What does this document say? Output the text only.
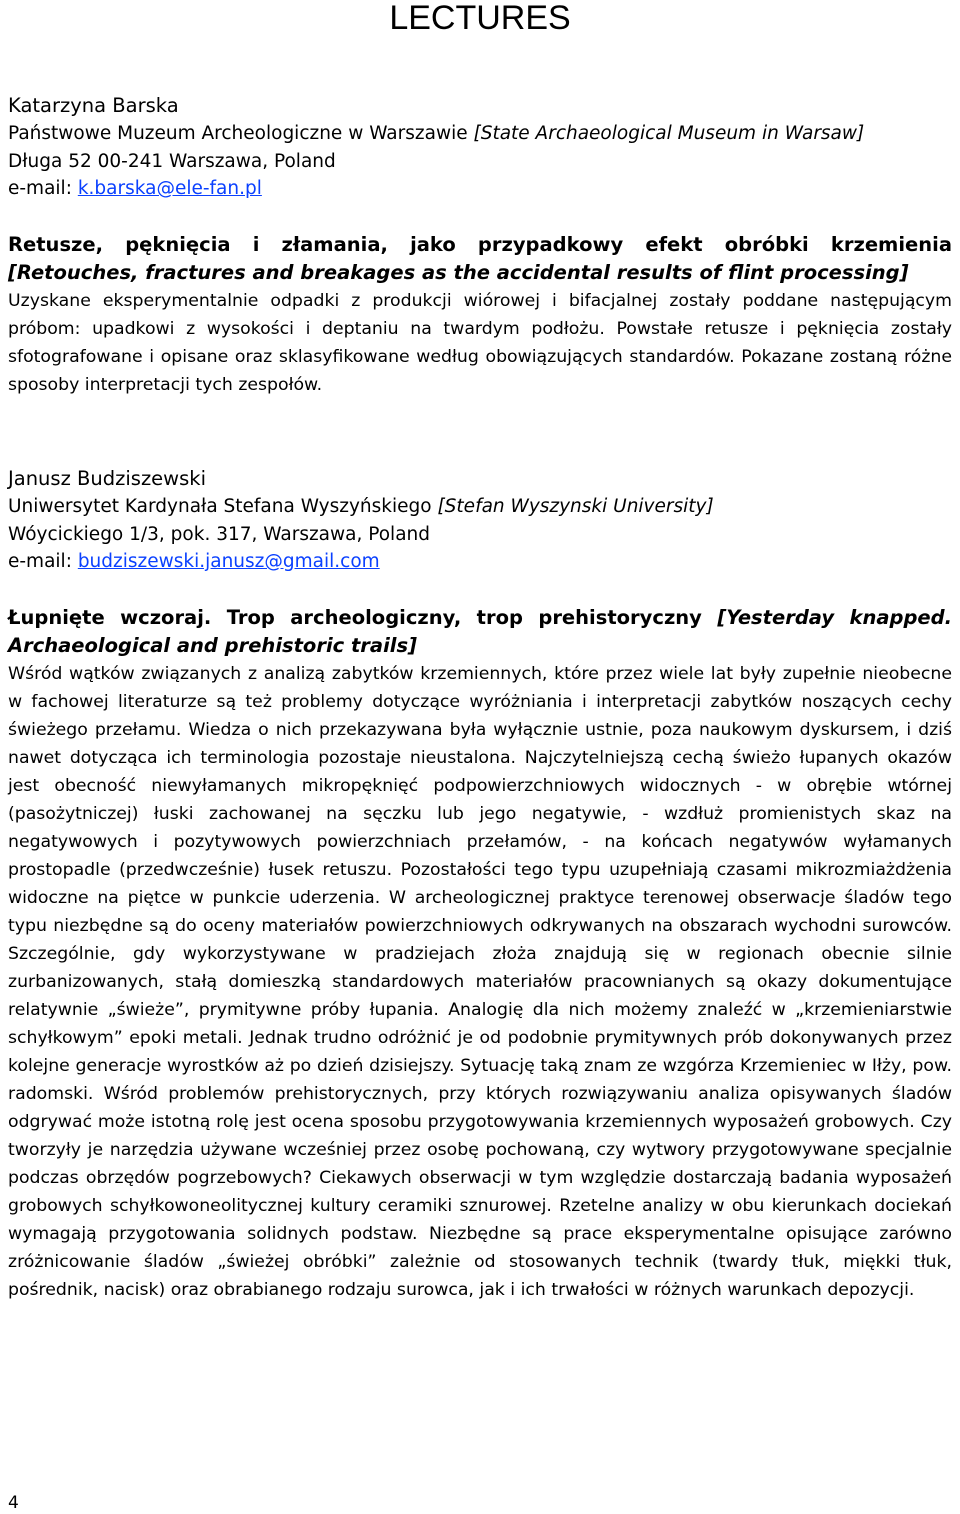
LECTURES

Katarzyna Barska

Państwowe Muzeum Archeologiczne w Warszawie [State Archaeological Museum in Warsaw]

Długa 52 00-241 Warszawa, Poland

e-mail: k.barska@ele-fan.pl

Retusze, pęknięcia i złamania, jako przypadkowy efekt obróbki krzemienia [Retouches, fractures and breakages as the accidental results of flint processing]

Uzyskane eksperymentalnie odpadki z produkcji wiórowej i bifacjalnej zostały poddane następującym próbom: upadkowi z wysokości i deptaniu na twardym podłożu. Powstałe retusze i pęknięcia zostały sfotografowane i opisane oraz sklasyfikowane według obowiązujących standardów. Pokazane zostaną różne sposoby interpretacji tych zespołów.

Janusz Budziszewski

Uniwersytet Kardynała Stefana Wyszyńskiego [Stefan Wyszynski University]

Wóycickiego 1/3, pok. 317, Warszawa, Poland

e-mail: budziszewski.janusz@gmail.com

Łupnięte wczoraj. Trop archeologiczny, trop prehistoryczny [Yesterday knapped. Archaeological and prehistoric trails]

Wśród wątków związanych z analizą zabytków krzemiennych, które przez wiele lat były zupełnie nieobecne w fachowej literaturze są też problemy dotyczące wyróżniania i interpretacji zabytków noszących cechy świeżego przełamu. Wiedza o nich przekazywana była wyłącznie ustnie, poza naukowym dyskursem, i dziś nawet dotycząca ich terminologia pozostaje nieustalona. Najczytelniejszą cechą świeżo łupanych okazów jest obecność niewyłamanych mikropęknięć podpowierzchniowych widocznych - w obrębie wtórnej (pasożytniczej) łuski zachowanej na sęczku lub jego negatywie, - wzdłuż promienistych skaz na negatywowych i pozytywowych powierzchniach przełamów, - na końcach negatywów wyłamanych prostopadle (przedwcześnie) łusek retuszu. Pozostałości tego typu uzupełniają czasami mikrozmiażdżenia widoczne na piętce w punkcie uderzenia. W archeologicznej praktyce terenowej obserwacje śladów tego typu niezbędne są do oceny materiałów powierzchniowych odkrywanych na obszarach wychodni surowców. Szczególnie, gdy wykorzystywane w pradziejach złoża znajdują się w regionach obecnie silnie zurbanizowanych, stałą domieszką standardowych materiałów pracownianych są okazy dokumentujące relatywnie „świeże”, prymitywne próby łupania. Analogię dla nich możemy znaleźć w „krzemieniarstwie schyłkowym” epoki metali. Jednak trudno odróżnić je od podobnie prymitywnych prób dokonywanych przez kolejne generacje wyrostków aż po dzień dzisiejszy. Sytuację taką znam ze wzgórza Krzemieniec w Iłży, pow. radomski. Wśród problemów prehistorycznych, przy których rozwiązywaniu analiza opisywanych śladów odgrywać może istotną rolę jest ocena sposobu przygotowywania krzemiennych wyposażeń grobowych. Czy tworzyły je narzędzia używane wcześniej przez osobę pochowaną, czy wytwory przygotowywane specjalnie podczas obrzędów pogrzebowych? Ciekawych obserwacji w tym względzie dostarczają badania wyposażeń grobowych schyłkowoneolitycznej kultury ceramiki sznurowej. Rzetelne analizy w obu kierunkach dociekań wymagają przygotowania solidnych podstaw. Niezbędne są prace eksperymentalne opisujące zarówno zróżnicowanie śladów „świeżej obróbki” zależnie od stosowanych technik (twardy tłuk, miękki tłuk, pośrednik, nacisk) oraz obrabianego rodzaju surowca, jak i ich trwałości w różnych warunkach depozycji.

4
